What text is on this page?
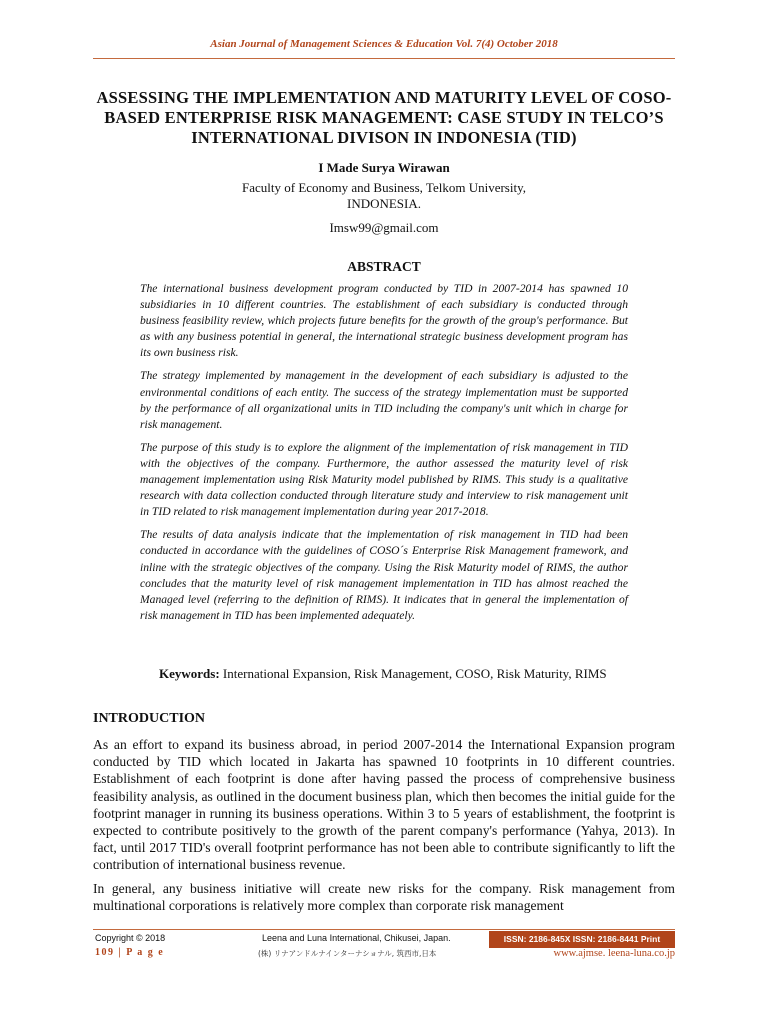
Asian Journal of Management Sciences & Education Vol. 7(4) October 2018
ASSESSING THE IMPLEMENTATION AND MATURITY LEVEL OF COSO-BASED ENTERPRISE RISK MANAGEMENT: CASE STUDY IN TELCO’S INTERNATIONAL DIVISON IN INDONESIA (TID)
I Made Surya Wirawan
Faculty of Economy and Business, Telkom University, INDONESIA.
Imsw99@gmail.com
ABSTRACT

The international business development program conducted by TID in 2007-2014 has spawned 10 subsidiaries in 10 different countries. The establishment of each subsidiary is conducted through business feasibility review, which projects future benefits for the growth of the group's performance. But as with any business potential in general, the international strategic business development program has its own business risk.

The strategy implemented by management in the development of each subsidiary is adjusted to the environmental conditions of each entity. The success of the strategy implementation must be supported by the performance of all organizational units in TID including the company's unit which in charge for risk management.

The purpose of this study is to explore the alignment of the implementation of risk management in TID with the objectives of the company. Furthermore, the author assessed the maturity level of risk management implementation using Risk Maturity model published by RIMS. This study is a qualitative research with data collection conducted through literature study and interview to risk management unit in TID related to risk management implementation during year 2017-2018.

The results of data analysis indicate that the implementation of risk management in TID had been conducted in accordance with the guidelines of COSO´s Enterprise Risk Management framework, and inline with the strategic objectives of the company. Using the Risk Maturity model of RIMS, the author concludes that the maturity level of risk management implementation in TID has almost reached the Managed level (referring to the definition of RIMS). It indicates that in general the implementation of risk management in TID has been implemented adequately.

Keywords: International Expansion, Risk Management, COSO, Risk Maturity, RIMS
INTRODUCTION

As an effort to expand its business abroad, in period 2007-2014 the International Expansion program conducted by TID which located in Jakarta has spawned 10 footprints in 10 different countries. Establishment of each footprint is done after having passed the process of comprehensive business feasibility analysis, as outlined in the document business plan, which then becomes the initial guide for the footprint manager in running its business operations. Within 3 to 5 years of establishment, the footprint is expected to contribute positively to the growth of the parent company's performance (Yahya, 2013). In fact, until 2017 TID's overall footprint performance has not been able to contribute significantly to lift the contribution of international business revenue.

In general, any business initiative will create new risks for the company. Risk management from multinational corporations is relatively more complex than corporate risk management

Copyright © 2018
109 | P a g e
Leena and Luna International, Chikusei, Japan.
(株) リナアンドルナインターナショナル, 筑西市,日本
ISSN: 2186-845X ISSN: 2186-8441 Print
www.ajmse. leena-luna.co.jp
